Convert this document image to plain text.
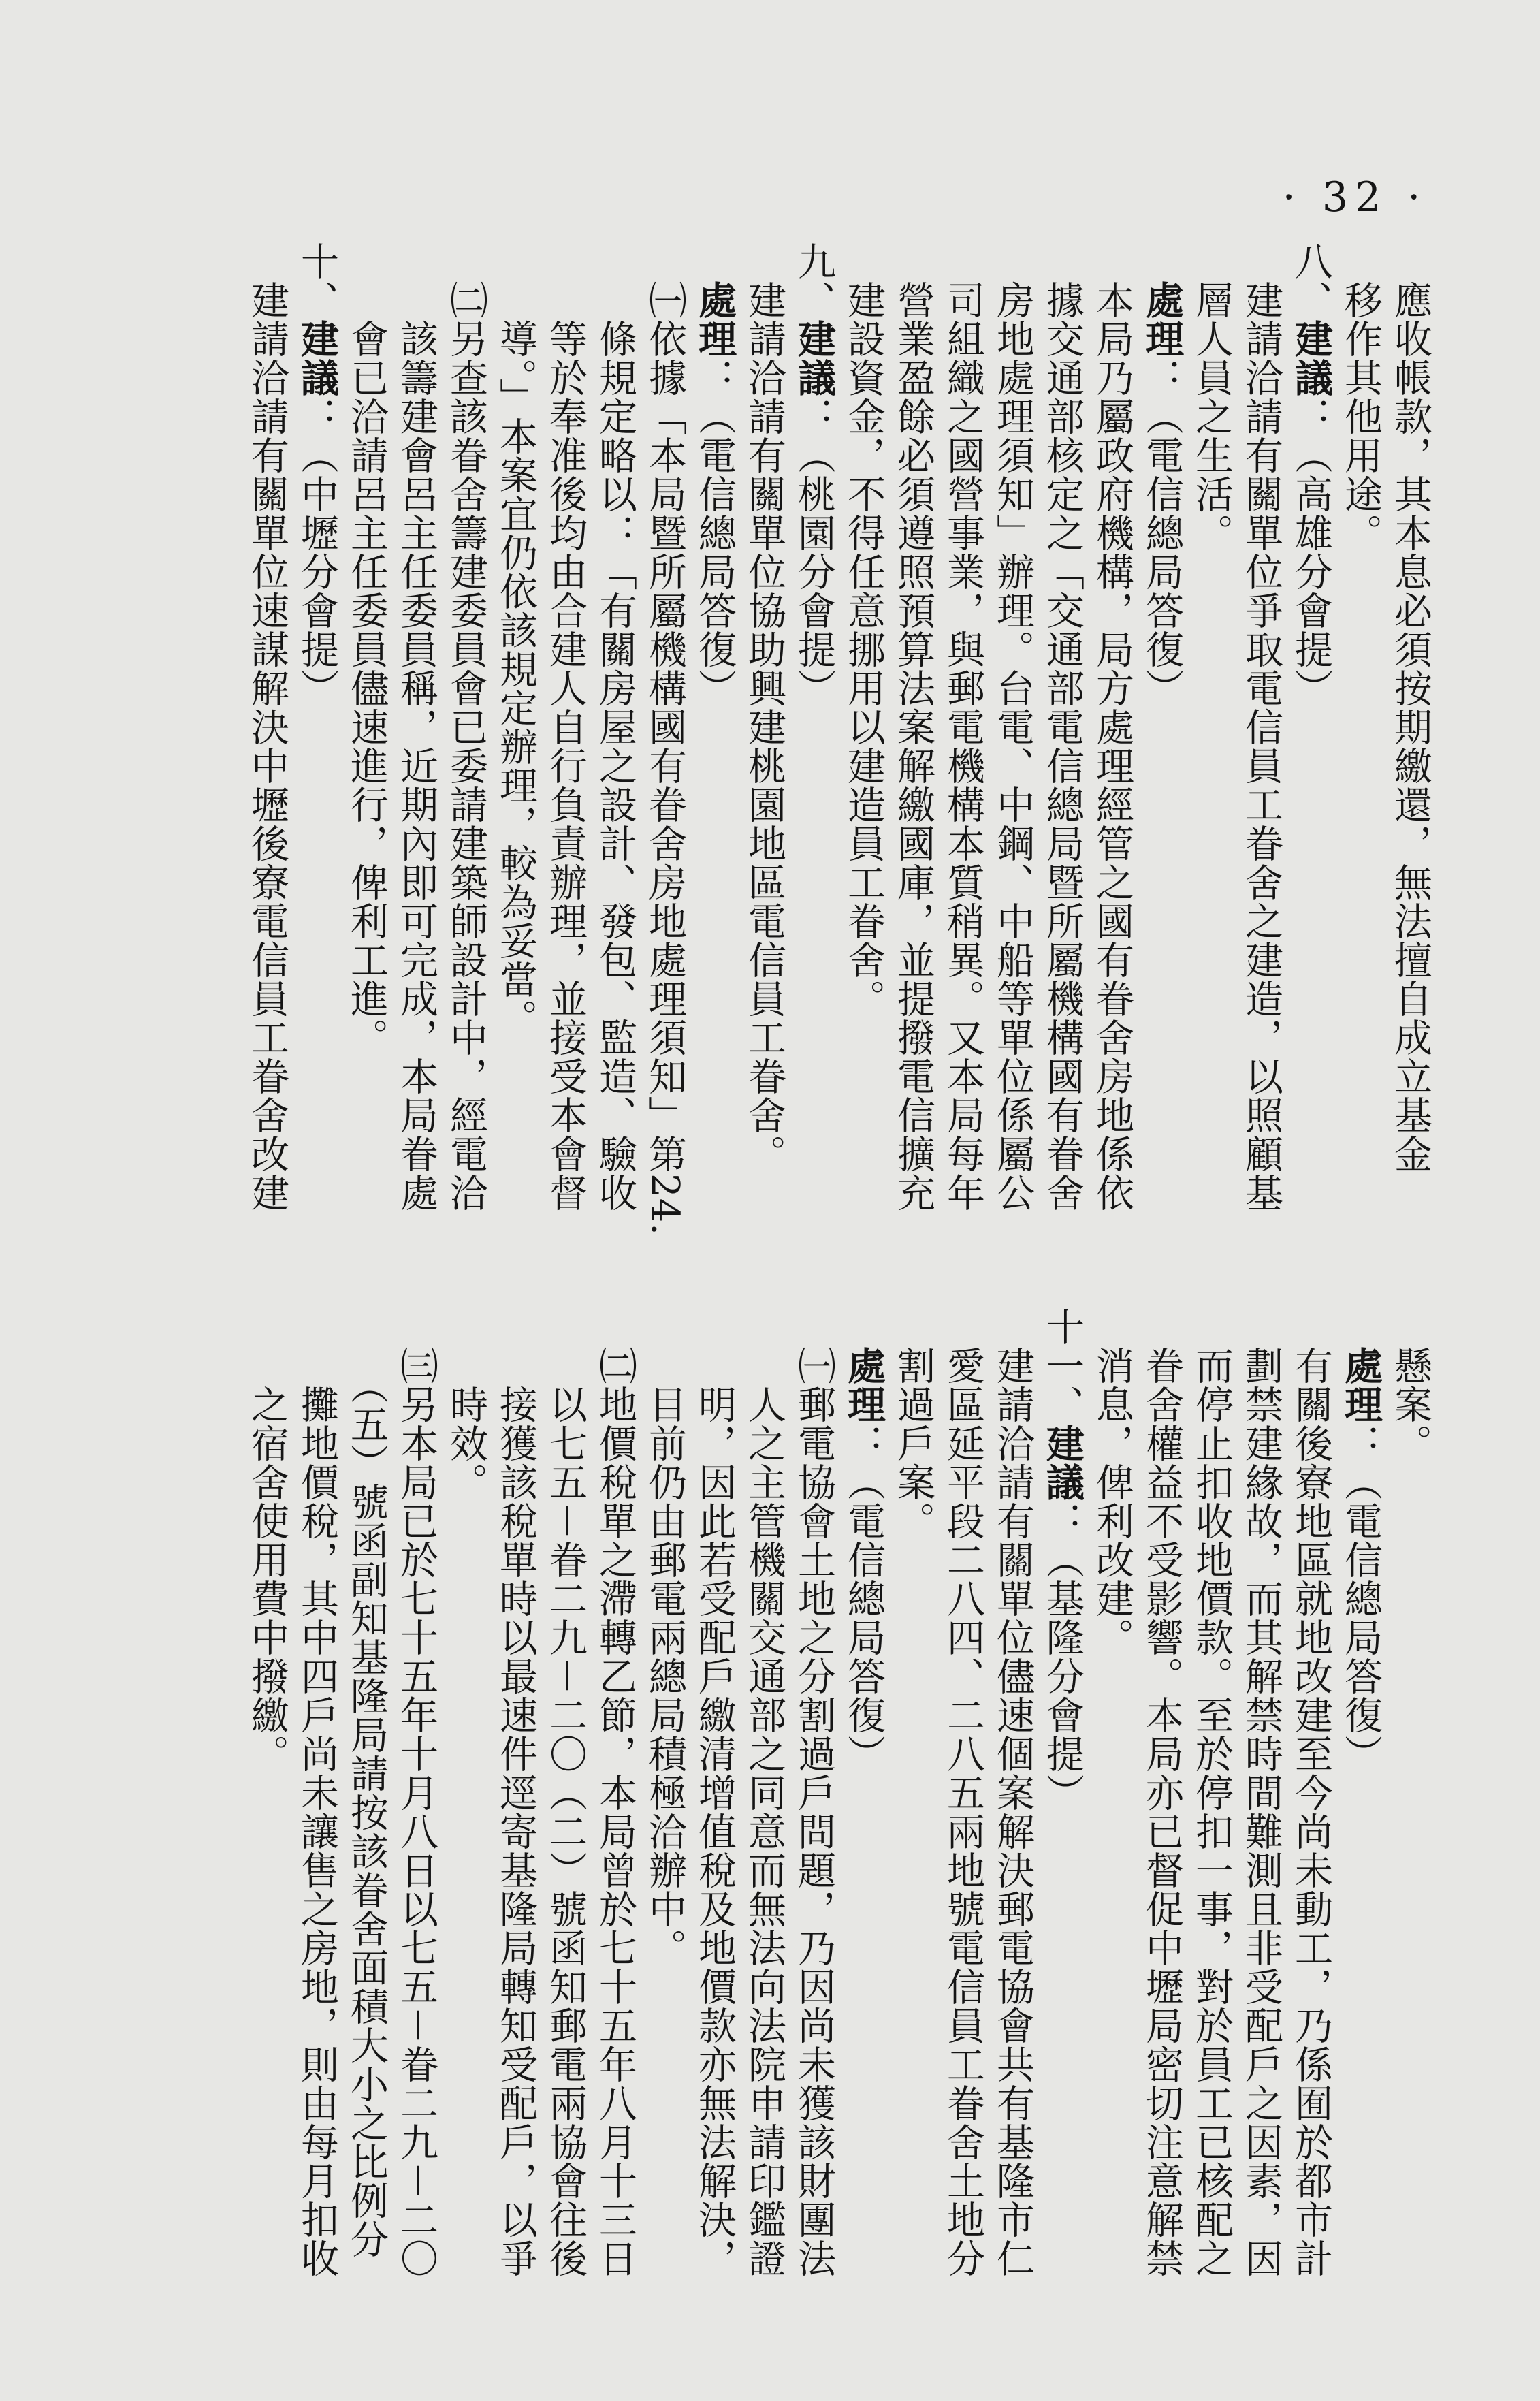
· 32 ·
　應收帳款，其本息必須按期繳還，無法擅自成立基金
　移作其他用途。
八、建議：（高雄分會提）
　建請洽請有關單位爭取電信員工眷舍之建造，以照顧基
　層人員之生活。
　處理：（電信總局答復）
　本局乃屬政府機構，局方處理經管之國有眷舍房地係依
　據交通部核定之「交通部電信總局暨所屬機構國有眷舍
　房地處理須知」辦理。台電、中鋼、中船等單位係屬公
　司組織之國營事業，與郵電機構本質稍異。又本局每年
　營業盈餘必須遵照預算法案解繳國庫，並提撥電信擴充
　建設資金，不得任意挪用以建造員工眷舍。
九、建議：（桃園分會提）
　建請洽請有關單位協助興建桃園地區電信員工眷舍。
　處理：（電信總局答復）
　㈠依據「本局暨所屬機構國有眷舍房地處理須知」第24.
　　條規定略以：「有關房屋之設計、發包、監造、驗收
　　等於奉准後均由合建人自行負責辦理，並接受本會督
　　導。」本案宜仍依該規定辦理，較為妥當。
　㈡另查該眷舍籌建委員會已委請建築師設計中，經電洽
　　該籌建會呂主任委員稱，近期內即可完成，本局眷處
　　會已洽請呂主任委員儘速進行，俾利工進。
十、建議：（中壢分會提）
　建請洽請有關單位速謀解決中壢後寮電信員工眷舍改建
　懸案。
　處理：（電信總局答復）
　有關後寮地區就地改建至今尚未動工，乃係囿於都市計
　劃禁建緣故，而其解禁時間難測且非受配戶之因素，因
　而停止扣收地價款。至於停扣一事，對於員工已核配之
　眷舍權益不受影響。本局亦已督促中壢局密切注意解禁
　消息，俾利改建。
十一、建議：（基隆分會提）
　建請洽請有關單位儘速個案解決郵電協會共有基隆市仁
　愛區延平段二八四、二八五兩地號電信員工眷舍土地分
　割過戶案。
　處理：（電信總局答復）
　㈠郵電協會土地之分割過戶問題，乃因尚未獲該財團法
　　人之主管機關交通部之同意而無法向法院申請印鑑證
　　明，因此若受配戶繳清增值稅及地價款亦無法解決，
　　目前仍由郵電兩總局積極洽辦中。
　㈡地價稅單之滯轉乙節，本局曾於七十五年八月十三日
　　以七五－眷二九－二〇（二）號函知郵電兩協會往後
　　接獲該稅單時以最速件逕寄基隆局轉知受配戶，以爭
　　時效。
　㈢另本局已於七十五年十月八日以七五－眷二九－二〇
　　（五）號函副知基隆局請按該眷舍面積大小之比例分
　　攤地價稅，其中四戶尚未讓售之房地，則由每月扣收
　　之宿舍使用費中撥繳。
